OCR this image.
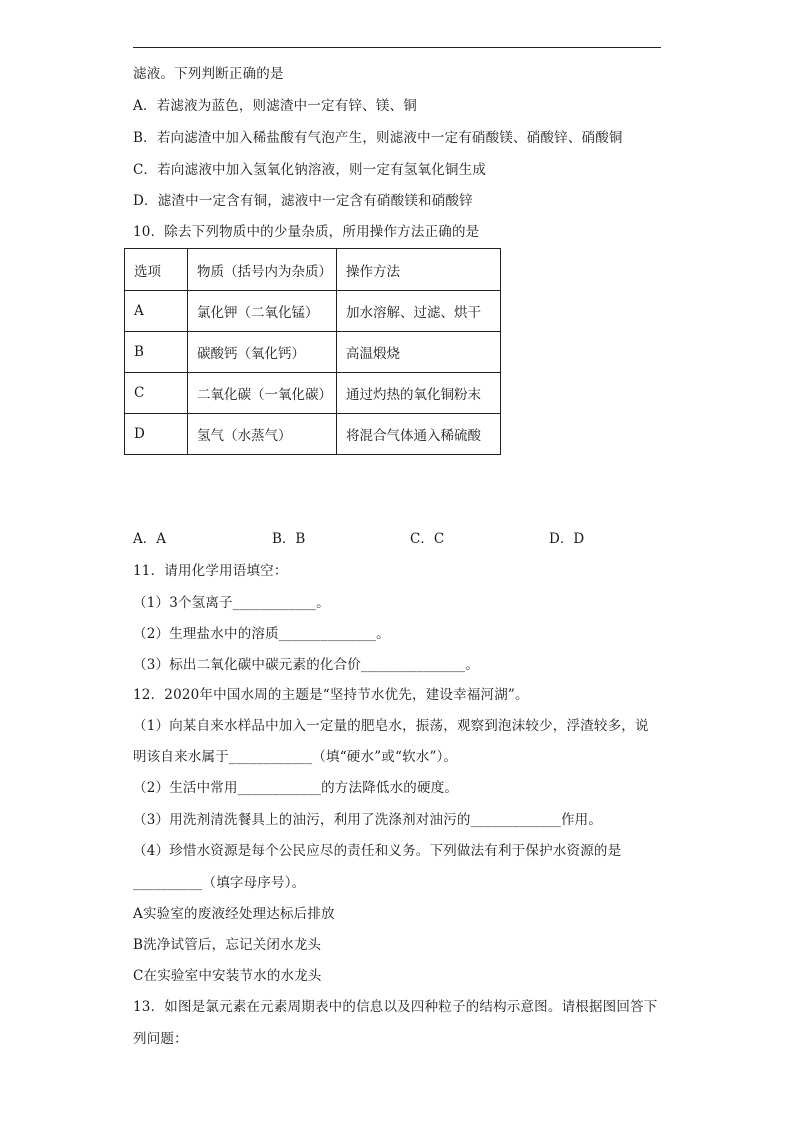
滤液。下列判断正确的是
A．若滤液为蓝色，则滤渣中一定有锌、镁、铜
B．若向滤渣中加入稀盐酸有气泡产生，则滤液中一定有硝酸镁、硝酸锌、硝酸铜
C．若向滤液中加入氢氧化钠溶液，则一定有氢氧化铜生成
D．滤渣中一定含有铜，滤液中一定含有硝酸镁和硝酸锌
10．除去下列物质中的少量杂质，所用操作方法正确的是
选项	物质（括号内为杂质）	操作方法
A	氯化钾（二氧化锰）	加水溶解、过滤、烘干
B	碳酸钙（氧化钙）	高温煅烧
C	二氧化碳（一氧化碳）	通过灼热的氧化铜粉末
D	氢气（水蒸气）	将混合气体通入稀硫酸
A．A	B．B	C．C	D．D
11．请用化学用语填空：
（1）3个氢离子____________。
（2）生理盐水中的溶质______________。
（3）标出二氧化碳中碳元素的化合价_______________。
12．2020年中国水周的主题是“坚持节水优先，建设幸福河湖”。
（1）向某自来水样品中加入一定量的肥皂水，振荡，观察到泡沫较少，浮渣较多，说
明该自来水属于____________（填“硬水”或“软水”）。
（2）生活中常用____________的方法降低水的硬度。
（3）用洗剂清洗餐具上的油污，利用了洗涤剂对油污的_____________作用。
（4）珍惜水资源是每个公民应尽的责任和义务。下列做法有利于保护水资源的是
__________（填字母序号）。
A实验室的废液经处理达标后排放
B洗净试管后，忘记关闭水龙头
C在实验室中安装节水的水龙头
13．如图是氯元素在元素周期表中的信息以及四种粒子的结构示意图。请根据图回答下
列问题：
